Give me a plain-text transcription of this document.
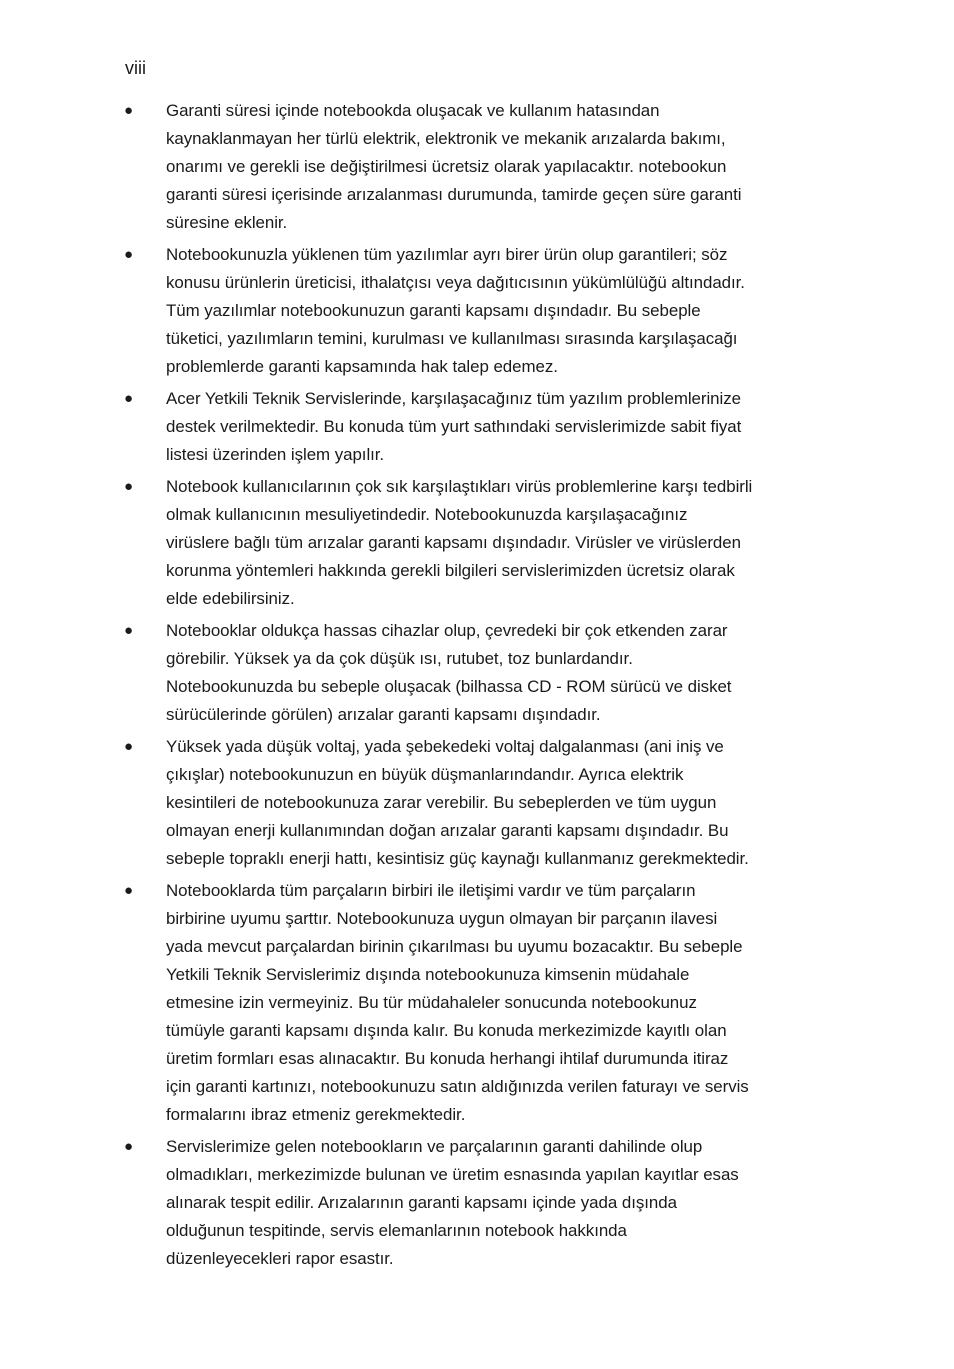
viii

● Garanti süresi içinde notebookda oluşacak ve kullanım hatasından
kaynaklanmayan her türlü elektrik, elektronik ve mekanik arızalarda bakımı,
onarımı ve gerekli ise değiştirilmesi ücretsiz olarak yapılacaktır. notebookun
garanti süresi içerisinde arızalanması durumunda, tamirde geçen süre garanti
süresine eklenir.
● Notebookunuzla yüklenen tüm yazılımlar ayrı birer ürün olup garantileri; söz
konusu ürünlerin üreticisi, ithalatçısı veya dağıtıcısının yükümlülüğü altındadır.
Tüm yazılımlar notebookunuzun garanti kapsamı dışındadır. Bu sebeple
tüketici, yazılımların temini, kurulması ve kullanılması sırasında karşılaşacağı
problemlerde garanti kapsamında hak talep edemez.
● Acer Yetkili Teknik Servislerinde, karşılaşacağınız tüm yazılım problemlerinize
destek verilmektedir. Bu konuda tüm yurt sathındaki servislerimizde sabit fiyat
listesi üzerinden işlem yapılır.
● Notebook kullanıcılarının çok sık karşılaştıkları virüs problemlerine karşı tedbirli
olmak kullanıcının mesuliyetindedir. Notebookunuzda karşılaşacağınız
virüslere bağlı tüm arızalar garanti kapsamı dışındadır. Virüsler ve virüslerden
korunma yöntemleri hakkında gerekli bilgileri servislerimizden ücretsiz olarak
elde edebilirsiniz.
● Notebooklar oldukça hassas cihazlar olup, çevredeki bir çok etkenden zarar
görebilir. Yüksek ya da çok düşük ısı, rutubet, toz bunlardandır.
Notebookunuzda bu sebeple oluşacak (bilhassa CD - ROM sürücü ve disket
sürücülerinde görülen) arızalar garanti kapsamı dışındadır.
● Yüksek yada düşük voltaj, yada şebekedeki voltaj dalgalanması (ani iniş ve
çıkışlar) notebookunuzun en büyük düşmanlarındandır. Ayrıca elektrik
kesintileri de notebookunuza zarar verebilir. Bu sebeplerden ve tüm uygun
olmayan enerji kullanımından doğan arızalar garanti kapsamı dışındadır. Bu
sebeple topraklı enerji hattı, kesintisiz güç kaynağı kullanmanız gerekmektedir.
● Notebooklarda tüm parçaların birbiri ile iletişimi vardır ve tüm parçaların
birbirine uyumu şarttır. Notebookunuza uygun olmayan bir parçanın ilavesi
yada mevcut parçalardan birinin çıkarılması bu uyumu bozacaktır. Bu sebeple
Yetkili Teknik Servislerimiz dışında notebookunuza kimsenin müdahale
etmesine izin vermeyiniz. Bu tür müdahaleler sonucunda notebookunuz
tümüyle garanti kapsamı dışında kalır. Bu konuda merkezimizde kayıtlı olan
üretim formları esas alınacaktır. Bu konuda herhangi ihtilaf durumunda itiraz
için garanti kartınızı, notebookunuzu satın aldığınızda verilen faturayı ve servis
formalarını ibraz etmeniz gerekmektedir.
● Servislerimize gelen notebookların ve parçalarının garanti dahilinde olup
olmadıkları, merkezimizde bulunan ve üretim esnasında yapılan kayıtlar esas
alınarak tespit edilir. Arızalarının garanti kapsamı içinde yada dışında
olduğunun tespitinde, servis elemanlarının notebook hakkında
düzenleyecekleri rapor esastır.
